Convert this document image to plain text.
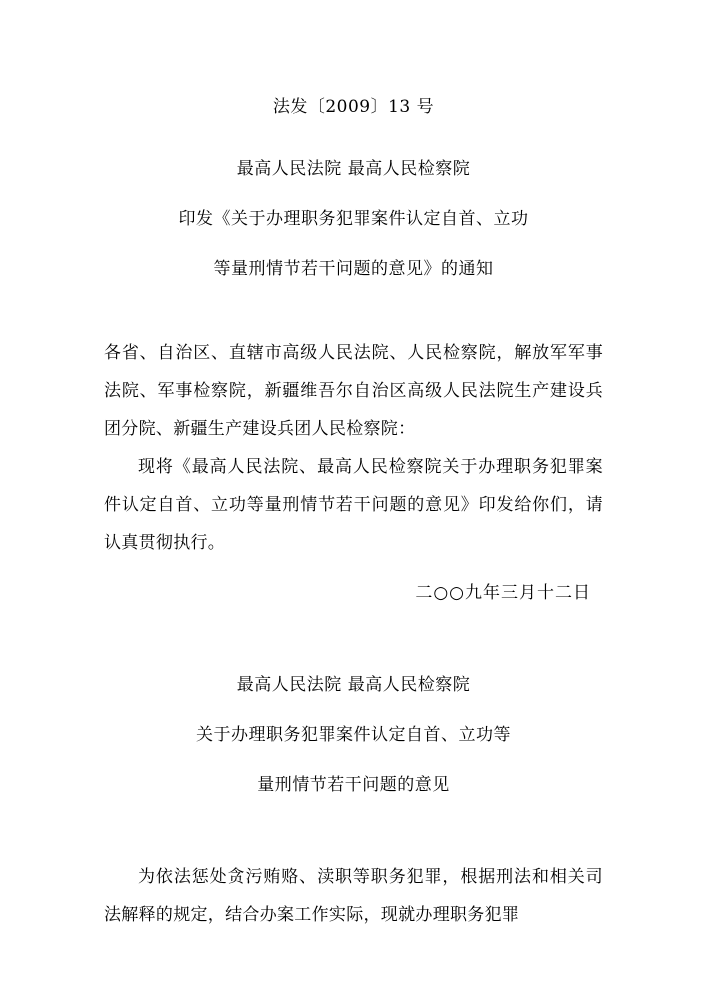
法发〔2009〕13 号
最高人民法院 最高人民检察院
印发《关于办理职务犯罪案件认定自首、立功
等量刑情节若干问题的意见》的通知
各省、自治区、直辖市高级人民法院、人民检察院，解放军军事法院、军事检察院，新疆维吾尔自治区高级人民法院生产建设兵团分院、新疆生产建设兵团人民检察院：
现将《最高人民法院、最高人民检察院关于办理职务犯罪案件认定自首、立功等量刑情节若干问题的意见》印发给你们，请认真贯彻执行。
二○○九年三月十二日
最高人民法院 最高人民检察院
关于办理职务犯罪案件认定自首、立功等
量刑情节若干问题的意见
为依法惩处贪污贿赂、渎职等职务犯罪，根据刑法和相关司法解释的规定，结合办案工作实际，现就办理职务犯罪
